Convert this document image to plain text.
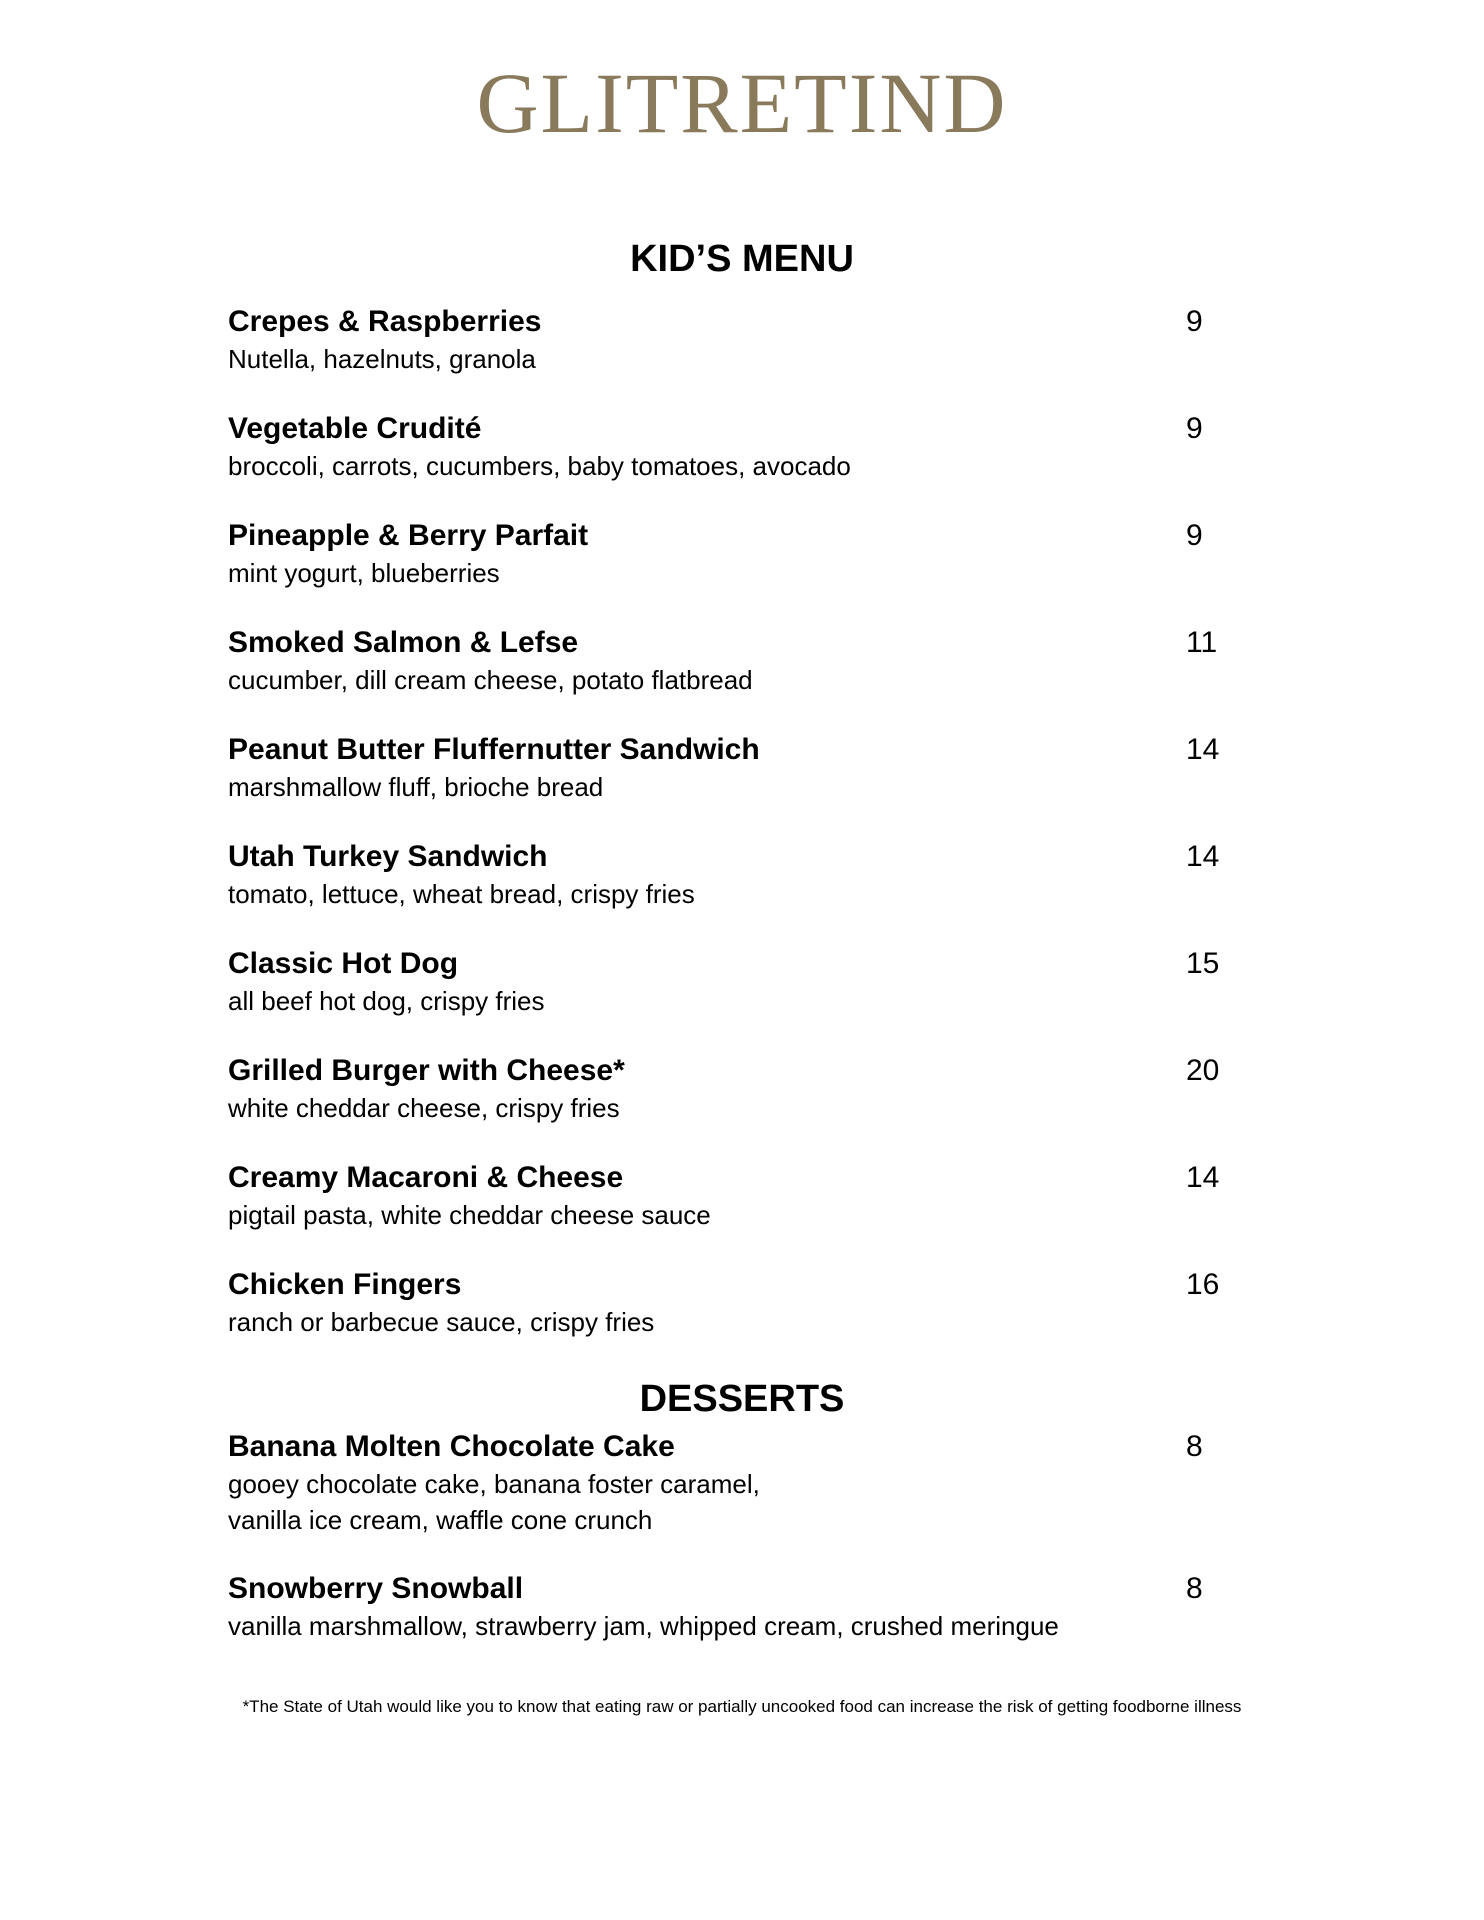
GLITRETIND
KID’S MENU
Crepes & Raspberries
Nutella, hazelnuts, granola
9
Vegetable Crudité
broccoli, carrots, cucumbers, baby tomatoes, avocado
9
Pineapple & Berry Parfait
mint yogurt, blueberries
9
Smoked Salmon & Lefse
cucumber, dill cream cheese, potato flatbread
11
Peanut Butter Fluffernutter Sandwich
marshmallow fluff, brioche bread
14
Utah Turkey Sandwich
tomato, lettuce, wheat bread, crispy fries
14
Classic Hot Dog
all beef hot dog, crispy fries
15
Grilled Burger with Cheese*
white cheddar cheese, crispy fries
20
Creamy Macaroni & Cheese
pigtail pasta, white cheddar cheese sauce
14
Chicken Fingers
ranch or barbecue sauce, crispy fries
16
DESSERTS
Banana Molten Chocolate Cake
gooey chocolate cake, banana foster caramel,
vanilla ice cream, waffle cone crunch
8
Snowberry Snowball
vanilla marshmallow, strawberry jam, whipped cream, crushed meringue
8
*The State of Utah would like you to know that eating raw or partially uncooked food can increase the risk of getting foodborne illness
